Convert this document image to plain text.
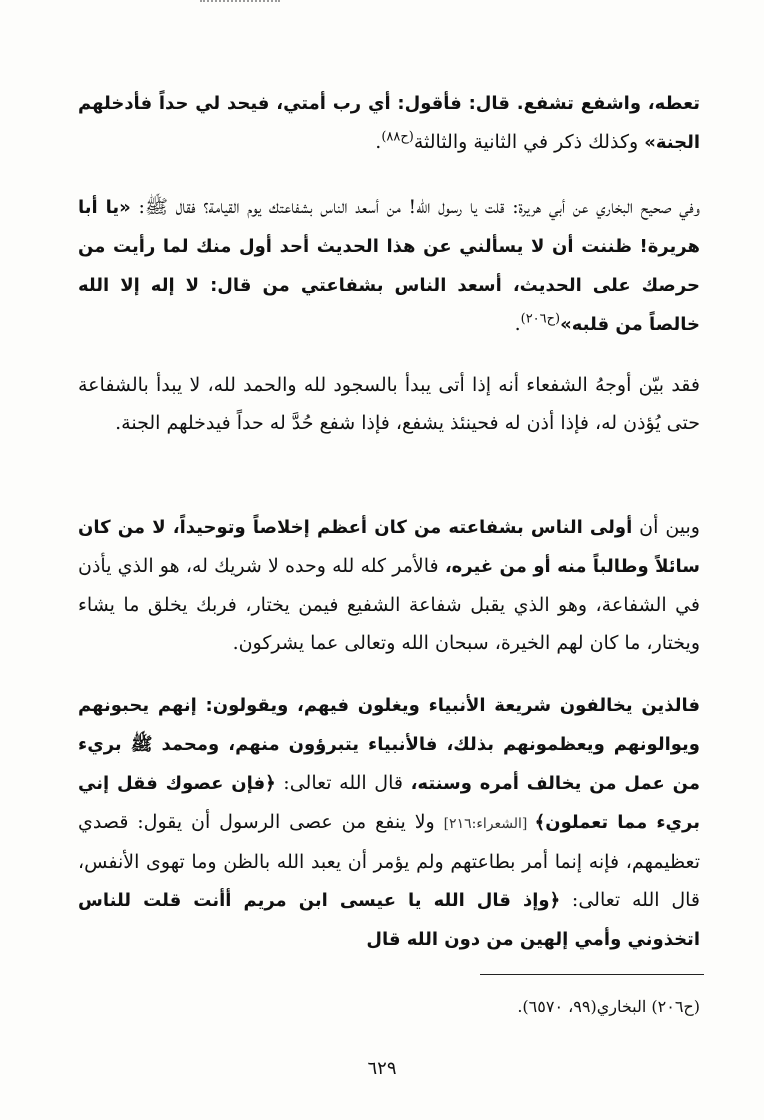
تعطه، واشفع تشفع. قال: فأقول: أي رب أمتي، فيحد لي حداً فأدخلهم الجنة» وكذلك ذكر في الثانية والثالثة$^{(ح٨٨)}$.
وفي صحيح البخاري عن أبي هريرة: قلت يا رسول الله! من أسعد الناس بشفاعتك يوم القيامة؟ فقال ﷺ: «يا أبا هريرة! ظننت أن لا يسألني عن هذا الحديث أحد أول منك لما رأيت من حرصك على الحديث، أسعد الناس بشفاعتي من قال: لا إله إلا الله خالصاً من قلبه»$^{(ح٢٠٦)}$.
فقد بيّن أوجهُ الشفعاء أنه إذا أتى يبدأ بالسجود لله والحمد لله، لا يبدأ بالشفاعة حتى يُؤذن له، فإذا أذن له فحينئذ يشفع، فإذا شفع حُدَّ له حداً فيدخلهم الجنة.
وبين أن أولى الناس بشفاعته من كان أعظم إخلاصاً وتوحيداً، لا من كان سائلاً وطالباً منه أو من غيره، فالأمر كله لله وحده لا شريك له، هو الذي يأذن في الشفاعة، وهو الذي يقبل شفاعة الشفيع فيمن يختار، فربك يخلق ما يشاء ويختار، ما كان لهم الخيرة، سبحان الله وتعالى عما يشركون.
فالذين يخالفون شريعة الأنبياء ويغلون فيهم، ويقولون: إنهم يحبونهم ويوالونهم ويعظمونهم بذلك، فالأنبياء يتبرؤون منهم، ومحمد ﷺ بريء من عمل من يخالف أمره وسنته، قال الله تعالى: ﴿فإن عصوك فقل إني بريء مما تعملون﴾ [الشعراء:٢١٦] ولا ينفع من عصى الرسول أن يقول: قصدي تعظيمهم، فإنه إنما أمر بطاعتهم ولم يؤمر أن يعبد الله بالظن وما تهوى الأنفس، قال الله تعالى: ﴿وإذ قال الله يا عيسى ابن مريم أأنت قلت للناس اتخذوني وأمي إلهين من دون الله قال
(ح٢٠٦) البخاري(٩٩، ٦٥٧٠).
٦٢٩
